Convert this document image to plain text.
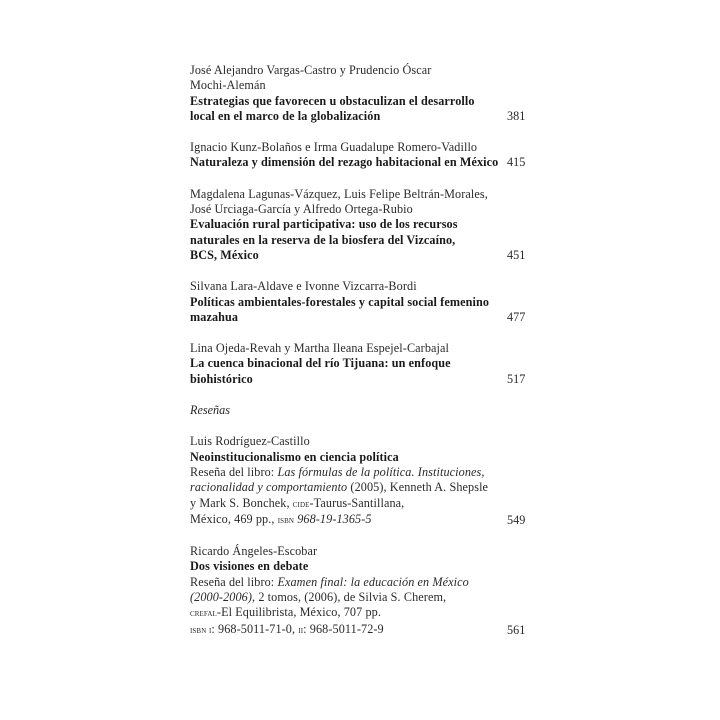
José Alejandro Vargas-Castro y Prudencio Óscar
Mochi-Alemán
Estrategias que favorecen u obstaculizan el desarrollo
local en el marco de la globalización	381
Ignacio Kunz-Bolaños e Irma Guadalupe Romero-Vadillo
Naturaleza y dimensión del rezago habitacional en México 415
Magdalena Lagunas-Vázquez, Luis Felipe Beltrán-Morales,
José Urciaga-García y Alfredo Ortega-Rubio
Evaluación rural participativa: uso de los recursos
naturales en la reserva de la biosfera del Vizcaíno,
BCS, México	451
Silvana Lara-Aldave e Ivonne Vizcarra-Bordi
Políticas ambientales-forestales y capital social femenino
mazahua	477
Lina Ojeda-Revah y Martha Ileana Espejel-Carbajal
La cuenca binacional del río Tijuana: un enfoque
biohistórico	517
Reseñas
Luis Rodríguez-Castillo
Neoinstitucionalismo en ciencia política
Reseña del libro: Las fórmulas de la política. Instituciones,
racionalidad y comportamiento (2005), Kenneth A. Shepsle
y Mark S. Bonchek, cide-Taurus-Santillana,
México, 469 pp., isbn 968-19-1365-5	549
Ricardo Ángeles-Escobar
Dos visiones en debate
Reseña del libro: Examen final: la educación en México
(2000-2006), 2 tomos, (2006), de Silvia S. Cherem,
crefal-El Equilibrista, México, 707 pp.
isbn i: 968-5011-71-0, ii: 968-5011-72-9	561
